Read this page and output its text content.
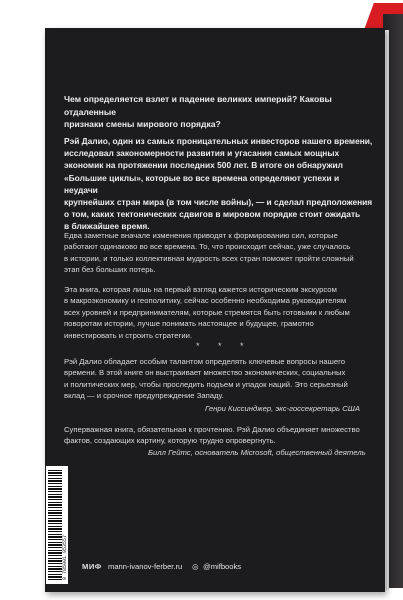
Чем определяется взлет и падение великих империй? Каковы отдаленные
признаки смены мирового порядка?
Рэй Далио, один из самых проницательных инвесторов нашего времени,
исследовал закономерности развития и угасания самых мощных
экономик на протяжении последних 500 лет. В итоге он обнаружил
«Большие циклы», которые во все времена определяют успехи и неудачи
крупнейших стран мира (в том числе войны), — и сделал предположения
о том, каких тектонических сдвигов в мировом порядке стоит ожидать
в ближайшее время.
Едва заметные вначале изменения приводят к формированию сил, которые
работают одинаково во все времена. То, что происходит сейчас, уже случалось
в истории, и только коллективная мудрость всех стран поможет пройти сложный
этап без больших потерь.
Эта книга, которая лишь на первый взгляд кажется историческим экскурсом
в макроэкономику и геополитику, сейчас особенно необходима руководителям
всех уровней и предпринимателям, которые стремятся быть готовыми к любым
поворотам истории, лучше понимать настоящее и будущее, грамотно
инвестировать и строить стратегии.
* * *
Рэй Далио обладает особым талантом определять ключевые вопросы нашего
времени. В этой книге он выстраивает множество экономических, социальных
и политических мер, чтобы проследить подъем и упадок наций. Это серьезный
вклад — и срочное предупреждение Западу.
Генри Киссинджер, экс-госсекретарь США
Суперважная книга, обязательная к прочтению. Рэй Далио объединяет множество
фактов, создающих картину, которую трудно опровергнуть.
Билл Гейтс, основатель Microsoft, общественный деятель
9 785001 953557 МИФ mann-ivanov-ferber.ru ◎ @mifbooks
